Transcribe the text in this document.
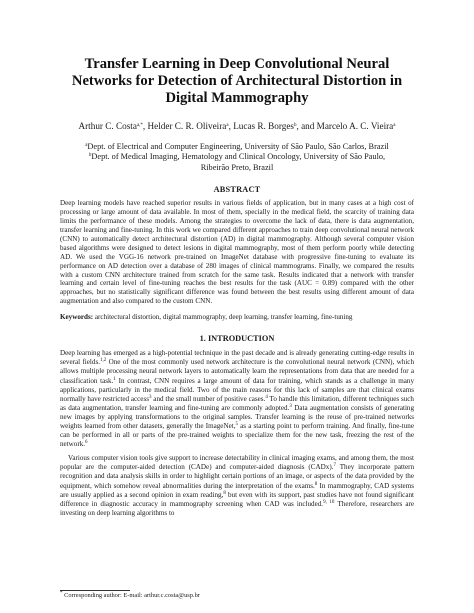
Transfer Learning in Deep Convolutional Neural Networks for Detection of Architectural Distortion in Digital Mammography
Arthur C. Costa$^{a,*}$, Helder C. R. Oliveira$^a$, Lucas R. Borges$^b$, and Marcelo A. C. Vieira$^a$
$^a$Dept. of Electrical and Computer Engineering, University of São Paulo, São Carlos, Brazil
$^b$Dept. of Medical Imaging, Hematology and Clinical Oncology, University of São Paulo,
Ribeirão Preto, Brazil
ABSTRACT

Deep learning models have reached superior results in various fields of application, but in many cases at a high cost of processing or large amount of data available. In most of them, specially in the medical field, the scarcity of training data limits the performance of these models. Among the strategies to overcome the lack of data, there is data augmentation, transfer learning and fine-tuning. In this work we compared different approaches to train deep convolutional neural network (CNN) to automatically detect architectural distortion (AD) in digital mammography. Although several computer vision based algorithms were designed to detect lesions in digital mammography, most of them perform poorly while detecting AD. We used the VGG-16 network pre-trained on ImageNet database with progressive fine-tuning to evaluate its performance on AD detection over a database of 280 images of clinical mammograms. Finally, we compared the results with a custom CNN architecture trained from scratch for the same task. Results indicated that a network with transfer learning and certain level of fine-tuning reaches the best results for the task (AUC = 0.89) compared with the other approaches, but no statistically significant difference was found between the best results using different amount of data augmentation and also compared to the custom CNN.

Keywords: architectural distortion, digital mammography, deep learning, transfer learning, fine-tuning
1. INTRODUCTION

Deep learning has emerged as a high-potential technique in the past decade and is already generating cutting-edge results in several fields.$^{1,2}$ One of the most commonly used network architecture is the convolutional neural network (CNN), which allows multiple processing neural network layers to automatically learn the representations from data that are needed for a classification task.$^1$ In contrast, CNN requires a large amount of data for training, which stands as a challenge in many applications, particularly in the medical field. Two of the main reasons for this lack of samples are that clinical exams normally have restricted access$^3$ and the small number of positive cases.$^4$ To handle this limitation, different techniques such as data augmentation, transfer learning and fine-tuning are commonly adopted.$^3$ Data augmentation consists of generating new images by applying transformations to the original samples. Transfer learning is the reuse of pre-trained networks weights learned from other datasets, generally the ImageNet,$^5$ as a starting point to perform training. And finally, fine-tune can be performed in all or parts of the pre-trained weights to specialize them for the new task, freezing the rest of the network.$^6$

Various computer vision tools give support to increase detectability in clinical imaging exams, and among them, the most popular are the computer-aided detection (CADe) and computer-aided diagnosis (CADx).$^7$ They incorporate pattern recognition and data analysis skills in order to highlight certain portions of an image, or aspects of the data provided by the equipment, which somehow reveal abnormalities during the interpretation of the exams.$^8$ In mammography, CAD systems are usually applied as a second opinion in exam reading,$^8$ but even with its support, past studies have not found significant difference in diagnostic accuracy in mammography screening when CAD was included.$^{9, 10}$ Therefore, researchers are investing on deep learning algorithms to

* Corresponding author: E-mail: arthur.c.costa@usp.br
